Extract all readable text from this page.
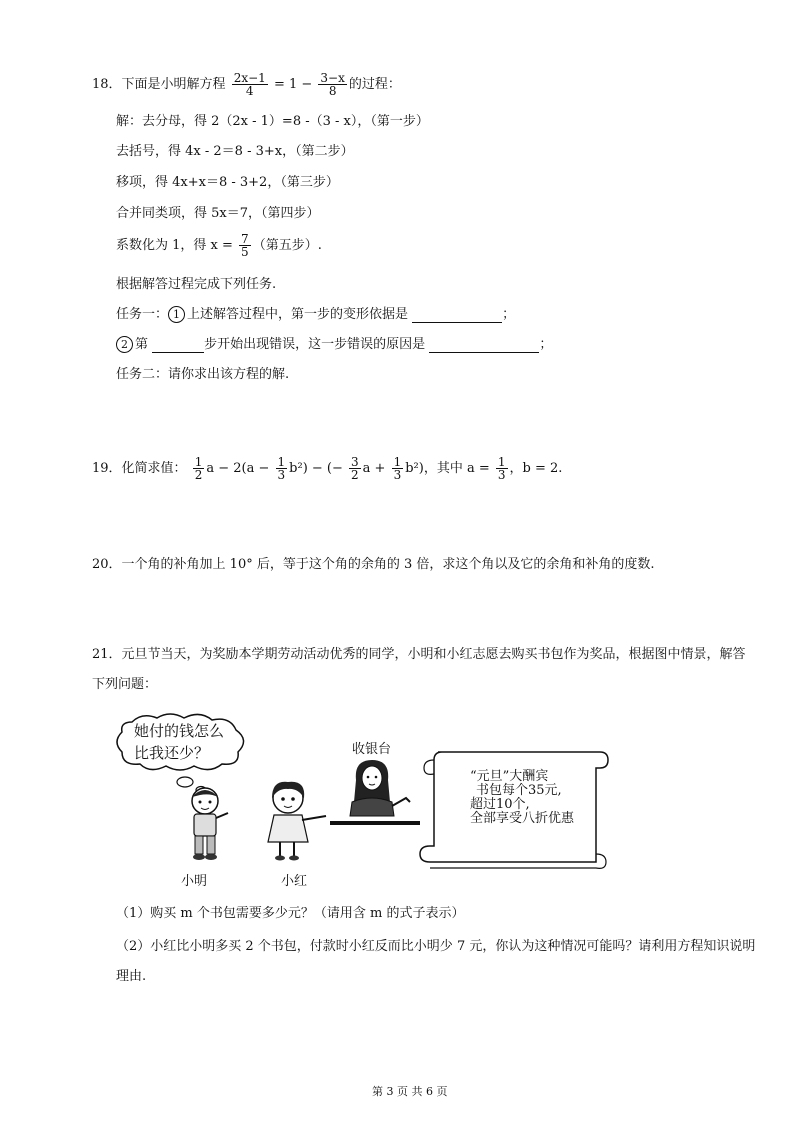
18．下面是小明解方程 $\frac{2x-1}{4} = 1 - \frac{3-x}{8}$ 的过程：
解：去分母，得 2（2x - 1）=8 -（3 - x），（第一步）
去括号，得 4x - 2＝8 - 3+x，（第二步）
移项，得 4x+x＝8 - 3+2，（第三步）
合并同类项，得 5x＝7，（第四步）
系数化为 1，得 $x = \frac{7}{5}$ （第五步）.
根据解答过程完成下列任务.
任务一： 1 上述解答过程中，第一步的变形依据是	；
2 第	步开始出现错误，这一步错误的原因是	；
任务二：请你求出该方程的解.
19．化简求值： $\frac{1}{2}$ $a - 2(a - \frac{1}{3} b^2)$ − (− $\frac{3}{2}$ $a + \frac{1}{3} b^2$)，其中 $a = \frac{1}{3}$ ，b = 2.
20．一个角的补角加上 10° 后，等于这个角的余角的 3 倍，求这个角以及它的余角和补角的度数.
21．元旦节当天，为奖励本学期劳动活动优秀的同学，小明和小红志愿去购买书包作为奖品，根据图中情景，解答
下列问题：
她付的钱怎么
比我还少？
小明	小红
收银台
“元旦”大酬宾
书包每个35元,
超过10个,
全部享受八折优惠
（1）购买 m 个书包需要多少元？（请用含 m 的式子表示）
（2）小红比小明多买 2 个书包，付款时小红反而比小明少 7 元，你认为这种情况可能吗？请利用方程知识说明
理由.
第 3 页 共 6 页
